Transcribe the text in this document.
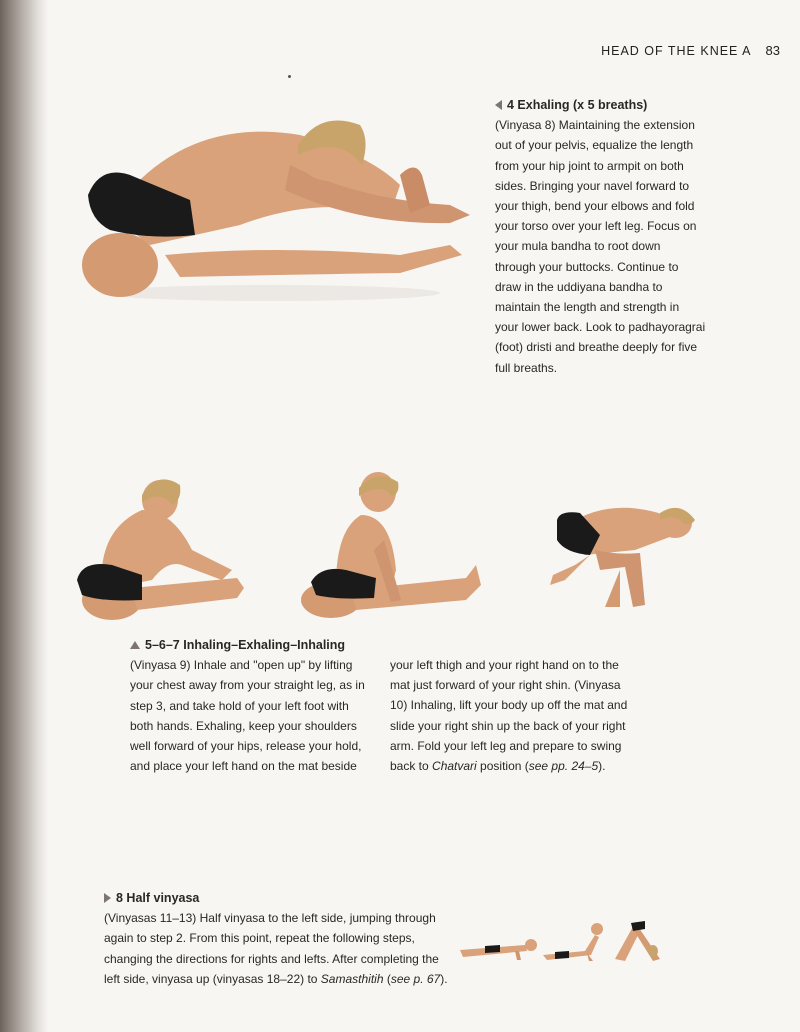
HEAD OF THE KNEE A 83
4 Exhaling (x 5 breaths)

(Vinyasa 8) Maintaining the extension
out of your pelvis, equalize the length
from your hip joint to armpit on both
sides. Bringing your navel forward to
your thigh, bend your elbows and fold
your torso over your left leg. Focus on
your mula bandha to root down
through your buttocks. Continue to
draw in the uddiyana bandha to
maintain the length and strength in
your lower back. Look to padhayoragrai
(foot) dristi and breathe deeply for five
full breaths.

5–6–7 Inhaling–Exhaling–Inhaling

(Vinyasa 9) Inhale and "open up" by lifting
your chest away from your straight leg, as in
step 3, and take hold of your left foot with
both hands. Exhaling, keep your shoulders
well forward of your hips, release your hold,
and place your left hand on the mat beside

your left thigh and your right hand on to the
mat just forward of your right shin. (Vinyasa
10) Inhaling, lift your body up off the mat and
slide your right shin up the back of your right
arm. Fold your left leg and prepare to swing
back to Chatvari position (see pp. 24–5).

8 Half vinyasa

(Vinyasas 11–13) Half vinyasa to the left side, jumping through
again to step 2. From this point, repeat the following steps,
changing the directions for rights and lefts. After completing the
left side, vinyasa up (vinyasas 18–22) to Samasthitih (see p. 67).
